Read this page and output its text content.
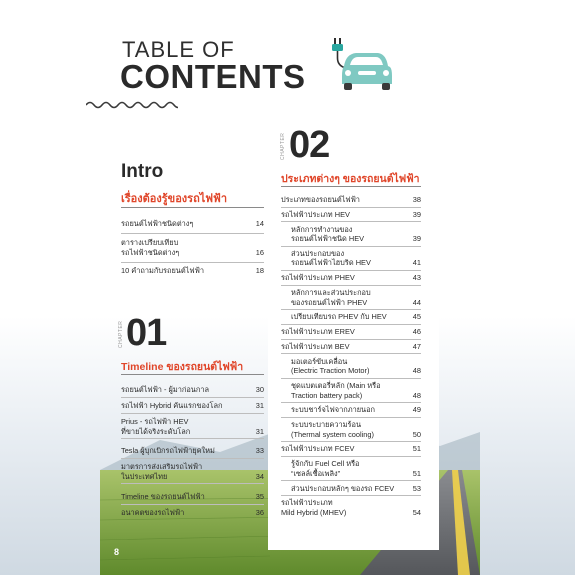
TABLE OF
CONTENTS
Intro
เรื่องต้องรู้ของรถไฟฟ้า
รถยนต์ไฟฟ้าชนิดต่างๆ	14
ตารางเปรียบเทียบ
รถไฟฟ้าชนิดต่างๆ	16
10 คำถามกับรถยนต์ไฟฟ้า	18
CHAPTER 01
Timeline ของรถยนต์ไฟฟ้า
รถยนต์ไฟฟ้า - ผู้มาก่อนกาล	30
รถไฟฟ้า Hybrid คันแรกของโลก	31
Prius - รถไฟฟ้า HEV
ที่ขายได้จริงระดับโลก	31
Tesla ผู้บุกเบิกรถไฟฟ้ายุคใหม่	33
มาตรการส่งเสริมรถไฟฟ้า
ในประเทศไทย	34
Timeline ของรถยนต์ไฟฟ้า	35
อนาคตของรถไฟฟ้า	36
CHAPTER 02
ประเภทต่างๆ ของรถยนต์ไฟฟ้า
ประเภทของรถยนต์ไฟฟ้า	38
รถไฟฟ้าประเภท HEV	39
หลักการทำงานของ
รถยนต์ไฟฟ้าชนิด HEV	39
ส่วนประกอบของ
รถยนต์ไฟฟ้าไฮบริด HEV	41
รถไฟฟ้าประเภท PHEV	43
หลักการและส่วนประกอบ
ของรถยนต์ไฟฟ้า PHEV	44
เปรียบเทียบรถ PHEV กับ HEV	45
รถไฟฟ้าประเภท EREV	46
รถไฟฟ้าประเภท BEV	47
มอเตอร์ขับเคลื่อน
(Electric Traction Motor)	48
ชุดแบตเตอรี่หลัก (Main หรือ
Traction battery pack)	48
ระบบชาร์จไฟจากภายนอก	49
ระบบระบายความร้อน
(Thermal system cooling)	50
รถไฟฟ้าประเภท FCEV	51
รู้จักกับ Fuel Cell หรือ
“เซลล์เชื้อเพลิง”	51
ส่วนประกอบหลักๆ ของรถ FCEV	53
รถไฟฟ้าประเภท
Mild Hybrid (MHEV)	54
8
